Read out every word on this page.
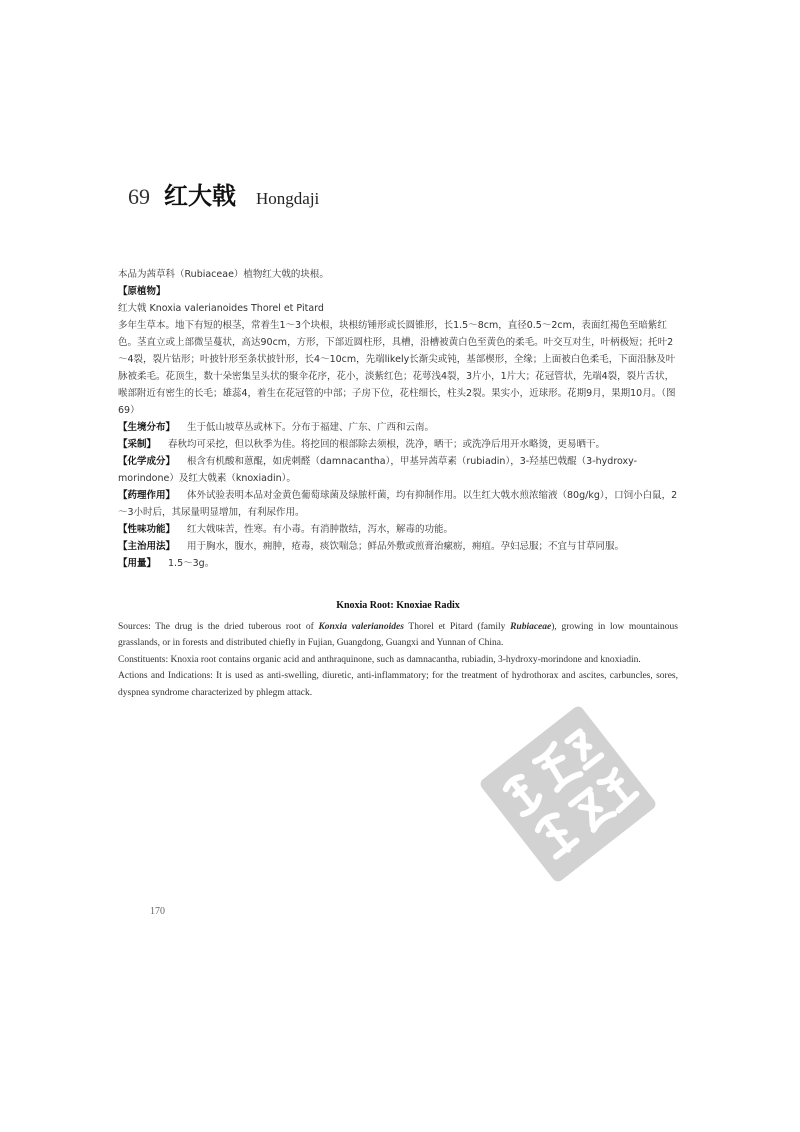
69 红大戟 Hongdaji

本品为茜草科（Rubiaceae）植物红大戟的块根。

【原植物】

红大戟 Knoxia valerianoides Thorel et Pitard

多年生草本。地下有短的根茎，常着生1～3个块根，块根纺锤形或长圆锥形，长1.5～8cm，直径0.5～2cm，表面红褐色至暗紫红色。茎直立或上部微呈蔓状，高达90cm，方形，下部近圆柱形，具槽，沿槽被黄白色至黄色的柔毛。叶交互对生，叶柄极短；托叶2～4裂，裂片钻形；叶披针形至条状披针形，长4～10cm，先端likely长渐尖或钝，基部楔形，全缘；上面被白色柔毛，下面沿脉及叶脉被柔毛。花顶生，数十朵密集呈头状的聚伞花序，花小，淡紫红色；花萼浅4裂，3片小，1片大；花冠管状，先端4裂，裂片舌状，喉部附近有密生的长毛；雄蕊4，着生在花冠管的中部；子房下位，花柱细长，柱头2裂。果实小，近球形。花期9月，果期10月。（图69）

【生境分布】 生于低山坡草丛或林下。分布于福建、广东、广西和云南。

【采制】 春秋均可采挖，但以秋季为佳。将挖回的根部除去须根，洗净，晒干；或洗净后用开水略烫，更易晒干。

【化学成分】 根含有机酸和蒽醌，如虎刺醛（damnacantha），甲基异茜草素（rubiadin），3-羟基巴戟醌（3-hydroxy-morindone）及红大戟素（knoxiadin）。

【药理作用】 体外试验表明本品对金黄色葡萄球菌及绿脓杆菌，均有抑制作用。以生红大戟水煎浓缩液（80g/kg），口饲小白鼠，2～3小时后，其尿量明显增加，有利尿作用。

【性味功能】 红大戟味苦，性寒。有小毒。有消肿散结，泻水，解毒的功能。

【主治用法】 用于胸水，腹水，痈肿，疮毒，痰饮喘急；鲜品外敷或煎膏治瘰疬，痈疽。孕妇忌服；不宜与甘草同服。

【用量】 1.5～3g。

Knoxia Root: Knoxiae Radix

Sources: The drug is the dried tuberous root of Konxia valerianoides Thorel et Pitard (family Rubiaceae), growing in low mountainous grasslands, or in forests and distributed chiefly in Fujian, Guangdong, Guangxi and Yunnan of China.

Constituents: Knoxia root contains organic acid and anthraquinone, such as damnacantha, rubiadin, 3-hydroxy-morindone and knoxiadin.

Actions and Indications: It is used as anti-swelling, diuretic, anti-inflammatory; for the treatment of hydrothorax and ascites, carbuncles, sores, dyspnea syndrome characterized by phlegm attack.

170
